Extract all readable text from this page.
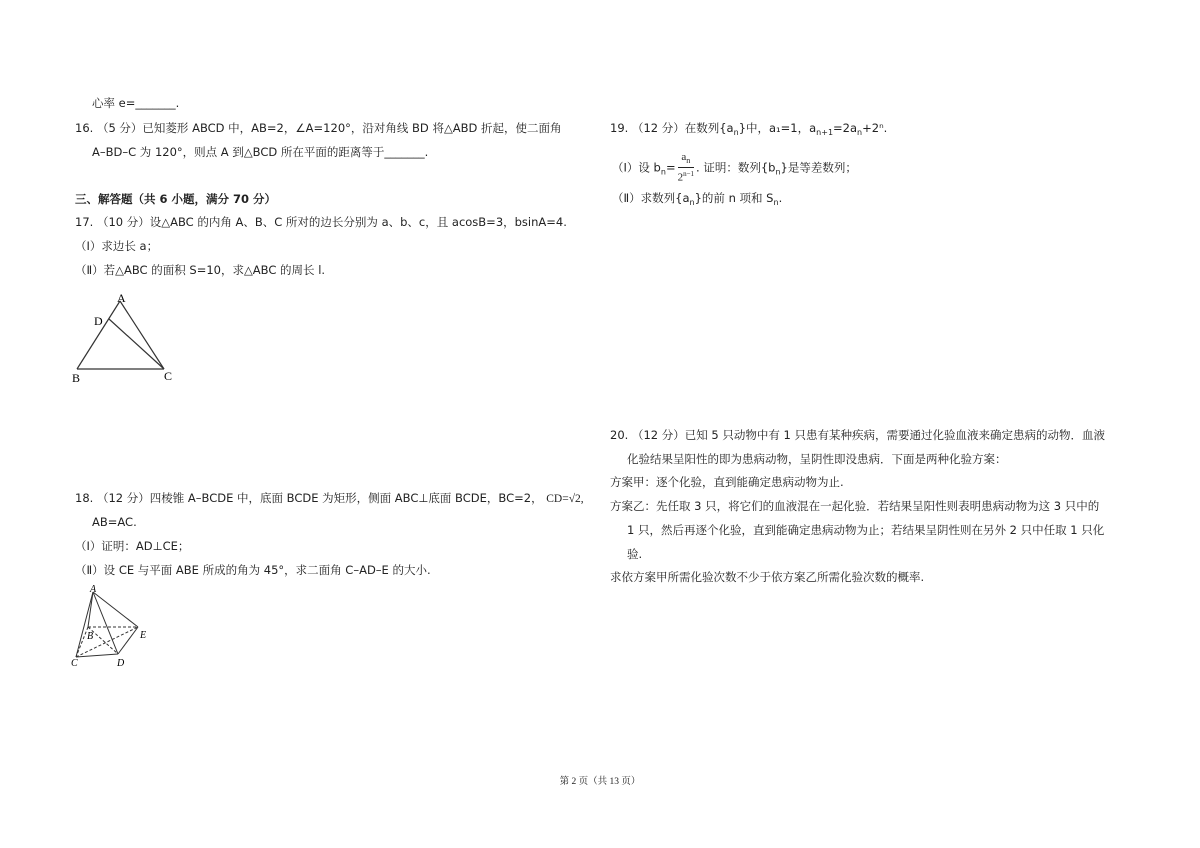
心率 e=_______.
16. （5 分）已知菱形 ABCD 中，AB=2，∠A=120°，沿对角线 BD 将△ABD 折起，使二面角
A–BD–C 为 120°，则点 A 到△BCD 所在平面的距离等于_______.
三、解答题（共 6 小题，满分 70 分）
17. （10 分）设△ABC 的内角 A、B、C 所对的边长分别为 a、b、c，且 acosB=3，bsinA=4.
（Ⅰ）求边长 a；
（Ⅱ）若△ABC 的面积 S=10，求△ABC 的周长 l.
A
D
B	C
18. （12 分）四棱锥 A–BCDE 中，底面 BCDE 为矩形，侧面 ABC⊥底面 BCDE，BC=2， CD=√2,
AB=AC.
（Ⅰ）证明：AD⊥CE；
（Ⅱ）设 CE 与平面 ABE 所成的角为 45°，求二面角 C–AD–E 的大小.
A
B
C	D
E
19. （12 分）在数列$\{a_n\}$中，a₁=1，$a_{n+1}=2a_n+2^n$.
（Ⅰ）设 $b_n= \frac{a_n}{2^{n-1}}$ . 证明：数列$\{b_n\}$是等差数列；
（Ⅱ）求数列$\{a_n\}$的前 n 项和 $S_n$.
20. （12 分）已知 5 只动物中有 1 只患有某种疾病，需要通过化验血液来确定患病的动物．血液
化验结果呈阳性的即为患病动物，呈阴性即没患病．下面是两种化验方案：
方案甲：逐个化验，直到能确定患病动物为止.
方案乙：先任取 3 只，将它们的血液混在一起化验．若结果呈阳性则表明患病动物为这 3 只中的
1 只，然后再逐个化验，直到能确定患病动物为止；若结果呈阴性则在另外 2 只中任取 1 只化
验.
求依方案甲所需化验次数不少于依方案乙所需化验次数的概率.
第 2 页（共 13 页）
